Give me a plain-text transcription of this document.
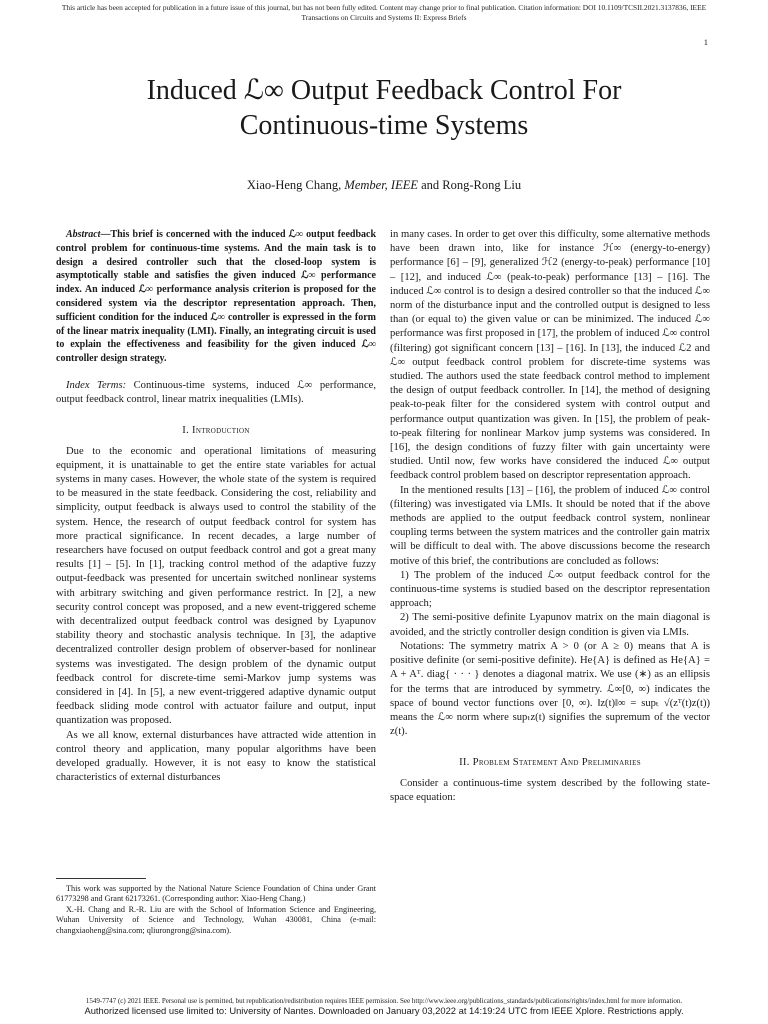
This article has been accepted for publication in a future issue of this journal, but has not been fully edited. Content may change prior to final publication. Citation information: DOI 10.1109/TCSII.2021.3137836, IEEE
Transactions on Circuits and Systems II: Express Briefs
1
Induced ℒ∞ Output Feedback Control For
Continuous-time Systems
Xiao-Heng Chang, Member, IEEE and Rong-Rong Liu

Abstract—This brief is concerned with the induced ℒ∞ output feedback control problem for continuous-time systems. And the main task is to design a desired controller such that the closed-loop system is asymptotically stable and satisfies the given induced ℒ∞ performance index. An induced ℒ∞ performance analysis criterion is proposed for the considered system via the descriptor representation approach. Then, sufficient condition for the induced ℒ∞ controller is expressed in the form of the linear matrix inequality (LMI). Finally, an integrating circuit is used to explain the effectiveness and feasibility for the given induced ℒ∞ controller design strategy.

Index Terms: Continuous-time systems, induced ℒ∞ performance, output feedback control, linear matrix inequalities (LMIs).

I. Introduction

Due to the economic and operational limitations of measuring equipment, it is unattainable to get the entire state variables for actual systems in many cases. However, the whole state of the system is required to be measured in the state feedback. Considering the cost, reliability and simplicity, output feedback is always used to control the stability of the system. Hence, the research of output feedback control for system has more practical significance. In recent decades, a large number of researchers have focused on output feedback control and got a great many results [1] – [5]. In [1], tracking control method of the adaptive fuzzy output-feedback was presented for uncertain switched nonlinear systems with arbitrary switching and given performance restrict. In [2], a new security control concept was proposed, and a new event-triggered scheme with decentralized output feedback control was designed by Lyapunov stability theory and stochastic analysis technique. In [3], the adaptive decentralized controller design problem of observer-based for nonlinear systems was investigated. The design problem of the dynamic output feedback control for discrete-time semi-Markov jump systems was considered in [4]. In [5], a new event-triggered adaptive dynamic output feedback sliding mode control with actuator failure and output, input quantization was proposed.

As we all know, external disturbances have attracted wide attention in control theory and application, many popular algorithms have been developed gradually. However, it is not easy to know the statistical characteristics of external disturbances

This work was supported by the National Nature Science Foundation of China under Grant 61773298 and Grant 62173261. (Corresponding author: Xiao-Heng Chang.)

X.-H. Chang and R.-R. Liu are with the School of Information Science and Engineering, Wuhan University of Science and Technology, Wuhan 430081, China (e-mail: changxiaoheng@sina.com; qliurongrong@sina.com).

in many cases. In order to get over this difficulty, some alternative methods have been drawn into, like for instance ℋ∞ (energy-to-energy) performance [6] – [9], generalized ℋ2 (energy-to-peak) performance [10] – [12], and induced ℒ∞ (peak-to-peak) performance [13] – [16]. The induced ℒ∞ control is to design a desired controller so that the induced ℒ∞ norm of the disturbance input and the controlled output is designed to less than (or equal to) the given value or can be minimized. The induced ℒ∞ performance was first proposed in [17], the problem of induced ℒ∞ control (filtering) got significant concern [13] – [16]. In [13], the induced ℒ2 and ℒ∞ output feedback control problem for discrete-time systems was studied. The authors used the state feedback control method to implement the design of output feedback controller. In [14], the method of designing peak-to-peak filter for the considered system with control output and performance output quantization was given. In [15], the problem of peak-to-peak filtering for nonlinear Markov jump systems was considered. In [16], the design conditions of fuzzy filter with gain uncertainty were studied. Until now, few works have considered the induced ℒ∞ output feedback control problem based on descriptor representation approach.

In the mentioned results [13] – [16], the problem of induced ℒ∞ control (filtering) was investigated via LMIs. It should be noted that if the above methods are applied to the output feedback control system, nonlinear coupling terms between the system matrices and the controller gain matrix will be difficult to deal with. The above discussions become the research motive of this brief, the contributions are concluded as follows:

1) The problem of the induced ℒ∞ output feedback control for the continuous-time systems is studied based on the descriptor representation approach;

2) The semi-positive definite Lyapunov matrix on the main diagonal is avoided, and the strictly controller design condition is given via LMIs.

Notations: The symmetry matrix A > 0 (or A ≥ 0) means that A is positive definite (or semi-positive definite). He{A} is defined as He{A} = A + Aᵀ. diag{ · · · } denotes a diagonal matrix. We use (∗) as an ellipsis for the terms that are introduced by symmetry. ℒ∞[0, ∞) indicates the space of bound vector functions over [0, ∞). ‖z(t)‖∞ = supₜ √(zᵀ(t)z(t)) means the ℒ∞ norm where supₜz(t) signifies the supremum of the vector z(t).

II. Problem Statement And Preliminaries

Consider a continuous-time system described by the following state-space equation:

1549-7747 (c) 2021 IEEE. Personal use is permitted, but republication/redistribution requires IEEE permission. See http://www.ieee.org/publications_standards/publications/rights/index.html for more information.
Authorized licensed use limited to: University of Nantes. Downloaded on January 03,2022 at 14:19:24 UTC from IEEE Xplore. Restrictions apply.
